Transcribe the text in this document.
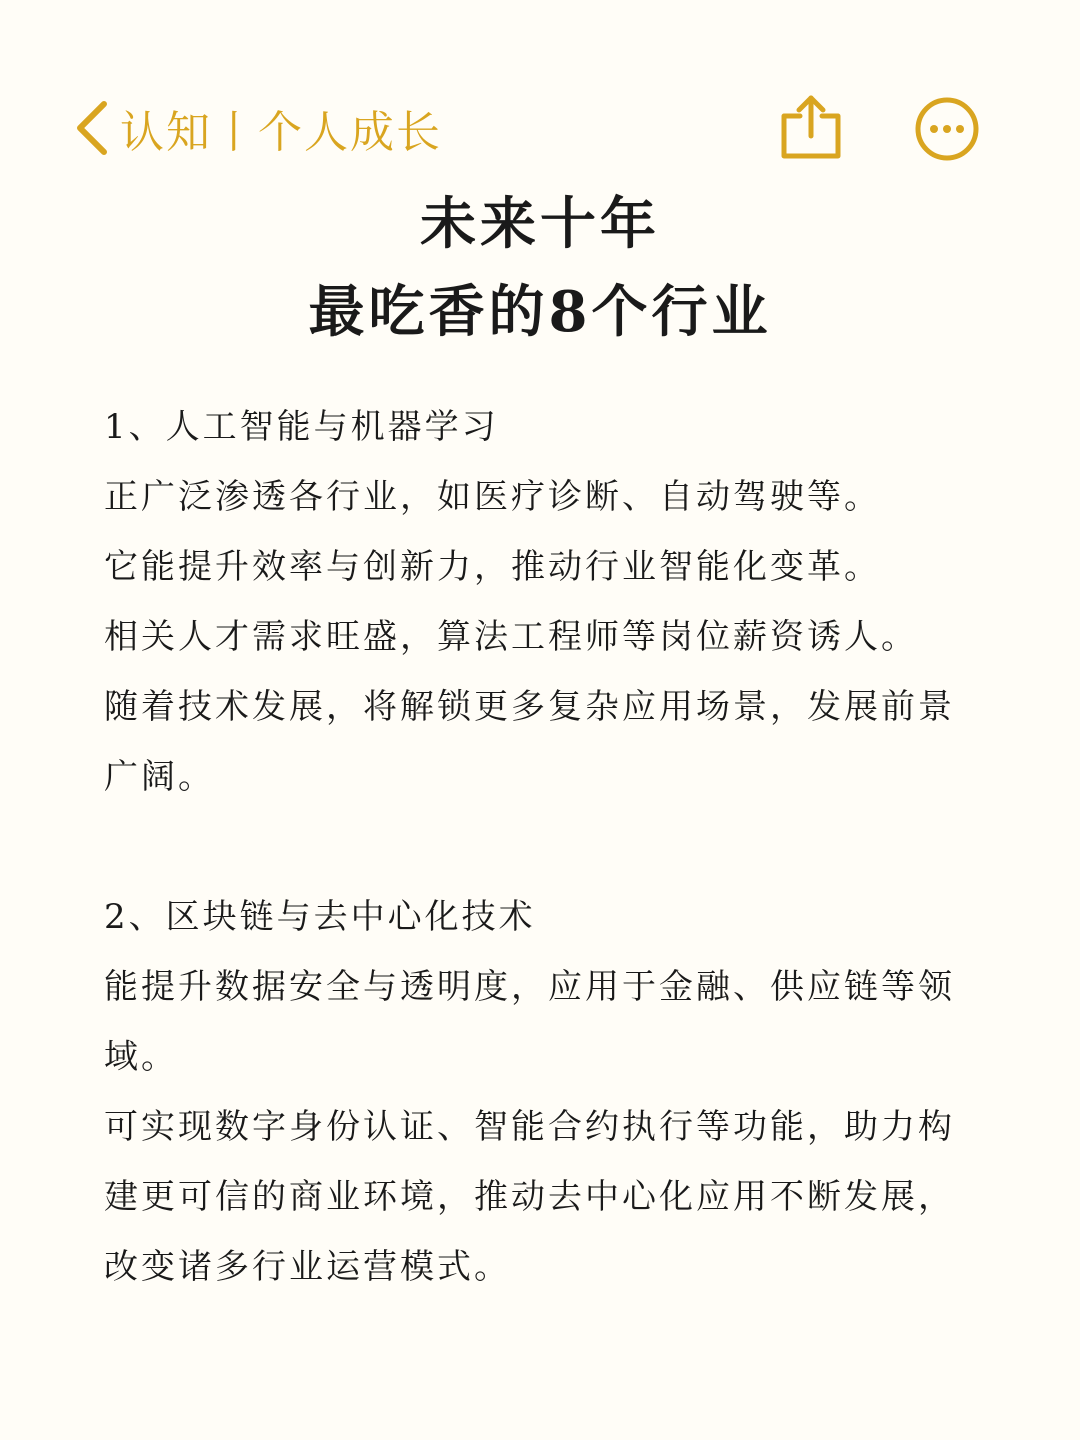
认知丨个人成长
未来十年
最吃香的8个行业

1、人工智能与机器学习

正广泛渗透各行业，如医疗诊断、自动驾驶等。

它能提升效率与创新力，推动行业智能化变革。

相关人才需求旺盛，算法工程师等岗位薪资诱人。

随着技术发展，将解锁更多复杂应用场景，发展前景广阔。

2、区块链与去中心化技术

能提升数据安全与透明度，应用于金融、供应链等领域。

可实现数字身份认证、智能合约执行等功能，助力构建更可信的商业环境，推动去中心化应用不断发展，改变诸多行业运营模式。
